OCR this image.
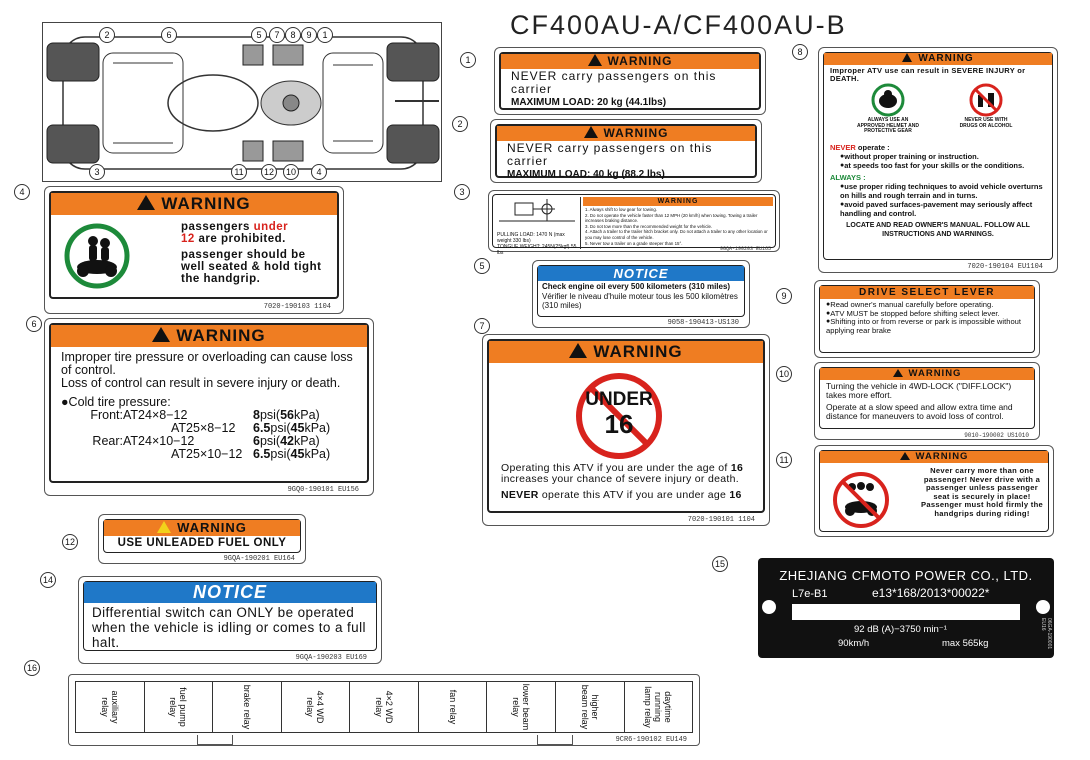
CF400AU-A/CF400AU-B
2	6	5	7	8	9	1
3	11	12	10	4
1	WARNING
NEVER carry passengers on this carrier
MAXIMUM LOAD: 20 kg (44.1lbs)
2
WARNING
NEVER carry passengers on this carrier
MAXIMUM LOAD: 40 kg (88.2 lbs)
3
PULLING LOAD: 1470 N (max weight 330 lbs)
TONGUE WEIGHT: 245N(25kgf) 55 lbs
WARNING
1. Always shift to low gear for towing.
2. Do not operate the vehicle faster than 12 MPH (20 km/h) when towing. Towing a trailer increases braking distance.
3. Do not tow more than the recommended weight for the vehicle.
4. Attach a trailer to the trailer hitch bracket only. Do not attach a trailer to any other location or you may lose control of the vehicle.
5. Never tow a trailer on a grade steeper than 15°.
9GQA-190203 EU165
4
WARNING
passengers under
12 are prohibited.
passenger should be well seated & hold tight the handgrip.
7020-190103 1104
5	NOTICE
Check engine oil every 500 kilometers (310 miles)
Vérifier le niveau d'huile moteur tous les 500 kilomètres (310 miles)
9058-190413-US130
6
WARNING
Improper tire pressure or overloading can cause loss of control.
Loss of control can result in severe injury or death.
●Cold tire pressure:
Front: AT24×8−12	8 psi( 56 kPa)
AT25×8−12	6.5 psi( 45 kPa)
Rear: AT24×10−12	6 psi( 42 kPa)
AT25×10−12 6.5 psi( 45 kPa)
9GQ0-190101 EU156
7
WARNING
UNDER
16
Operating this ATV if you are under the age of 16 increases your chance of severe injury or death.
NEVER operate this ATV if you are under age 16
7020-190101 1104
8
WARNING
Improper ATV use can result in SEVERE INJURY or DEATH.
ALWAYS USE AN APPROVED HELMET AND PROTECTIVE GEAR
NEVER USE WITH DRUGS OR ALCOHOL
NEVER operate :
● without proper training or instruction.
● at speeds too fast for your skills or the conditions.
ALWAYS :
● use proper riding techniques to avoid vehicle overturns on hills and rough terrain and in turns.
● avoid paved surfaces-pavement may seriously affect handling and control.
LOCATE AND READ OWNER'S MANUAL. FOLLOW ALL INSTRUCTIONS AND WARNINGS.
7020-190104 EU1104
9	DRIVE SELECT LEVER
● Read owner's manual carefully before operating.
● ATV MUST be stopped before shifting select lever.
● Shifting into or from reverse or park is impossible without applying rear brake
10	WARNING
Turning the vehicle in 4WD-LOCK ("DIFF.LOCK") takes more effort.
Operate at a slow speed and allow extra time and distance for maneuvers to avoid loss of control.
9010-190002 US1010
11	WARNING
Never carry more than one passenger! Never drive with a passenger unless passenger seat is securely in place! Passenger must hold firmly the handgrips during riding!
12
WARNING
USE UNLEADED FUEL ONLY
9GQA-190201 EU164
14
NOTICE
Differential switch can ONLY be operated when the vehicle is idling or comes to a full halt.
9GQA-190203 EU169
15
ZHEJIANG CFMOTO POWER CO., LTD.
L7e-B1	e13*168/2013*00022*
92 dB (A)−3750 min⁻¹
90km/h	max 565kg	06GA-190001 EU16
16
auxiliary relay	fuel pump relay	brake relay	4×4 WD relay	4×2 WD relay	fan relay	lower beam relay	higher beam relay	daytime running lamp relay
9CR6-190102 EU149
